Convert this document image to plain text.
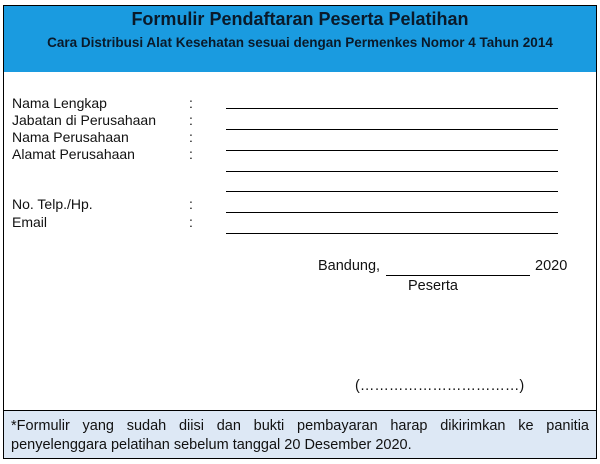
Formulir Pendaftaran Peserta Pelatihan
Cara Distribusi Alat Kesehatan sesuai dengan Permenkes Nomor 4 Tahun 2014
Nama Lengkap	:
Jabatan di Perusahaan :
Nama Perusahaan	:
Alamat Perusahaan	:
No. Telp./Hp.	:
Email	:
Bandung,	2020
Peserta
(……………………………)
*Formulir yang sudah diisi dan bukti pembayaran harap dikirimkan ke panitia penyelenggara pelatihan sebelum tanggal 20 Desember 2020.
